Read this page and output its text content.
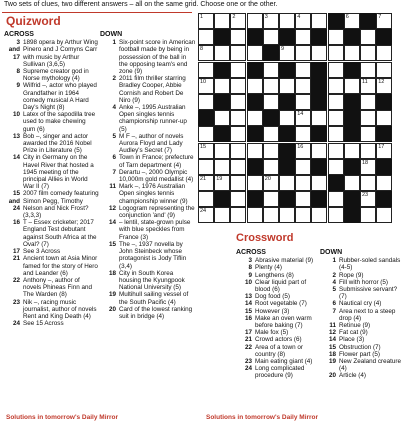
Two sets of clues, two different answers – all on the same grid. Choose one or the other.
Quizword
ACROSS
3 and 17
1898 opera by Arthur Wing Pinero and J Comyns Carr with music by Arthur Sullivan (3,6,5)
8 Supreme creator god in Norse mythology (4)
9 Wilfrid –, actor who played Grandfather in 1964 comedy musical A Hard Day's Night (8)
10 Latex of the sapodilla tree used to make chewing gum (6)
13 Bob –, singer and actor awarded the 2016 Nobel Prize in Literature (5)
14 City in Germany on the Havel River that hosted a 1945 meeting of the principal Allies in World War II (7)
15 and 24
2007 film comedy featuring Simon Pegg, Timothy Nelson and Nick Frost? (3,3,3)
16 T – Essex cricketer; 2017 England Test debutant against South Africa at the Oval? (7)
17 See 3 Across
21 Ancient town at Asia Minor famed for the story of Hero and Leander (6)
22 Anthony –, author of novels Phineas Finn and The Warden (8)
23 Nik –, racing music journalist, author of novels Rent and King Death (4)
24 See 15 Across
DOWN
1 Six-point score in American football made by being in possession of the ball in the opposing team's end zone (9)
2 2011 film thriller starring Bradley Cooper, Abbie Cornish and Robert De Niro (9)
4 Anke –, 1995 Australian Open singles tennis championship runner-up (5)
5 M F –, author of novels Aurora Floyd and Lady Audley's Secret (7)
6 Town in France; prefecture of Tarn department (4)
7 Derartu –, 2000 Olympic 10,000m gold medallist (4)
11 Mark –, 1976 Australian Open singles tennis championship winner (9)
12 Logogram representing the conjunction 'and' (9)
14 – lentil, state-grown pulse with blue speckles from France (3)
15 The –, 1937 novella by John Steinbeck whose protagonist is Jody Tiflin (3,4)
18 City in South Korea housing the Kyungpook National University (5)
19 Multihull sailing vessel of the South Pacific (4)
20 Card of the lowest ranking suit in bridge (4)
1	2	3	4	6	7
8	9
10	11 12
14
15	16	17
18
21 19	20
23
24
Crossword
ACROSS
3 Abrasive material (9)
8 Plenty (4)
9 Lengthens (8)
10 Clear liquid part of blood (6)
13 Dog food (5)
14 Root vegetable (7)
15 However (3)
16 Make an oven warm before baking (7)
17 Male fox (5)
21 Crowd actors (6)
22 Area of a town or country (8)
23 Main eating giant (4)
24 Long complicated procedure (9)
DOWN
1 Rubber-soled sandals (4-5)
2 Rope (9)
4 Fill with horror (5)
5 Submissive servant? (7)
6 Nautical cry (4)
7 Area next to a steep drop (4)
11 Retinue (9)
12 Fat cat (9)
14 Place (3)
15 Obstruction (7)
18 Flower part (5)
19 New Zealand creature (4)
20 Article (4)
Solutions in tomorrow's Daily Mirror	Solutions in tomorrow's Daily Mirror
